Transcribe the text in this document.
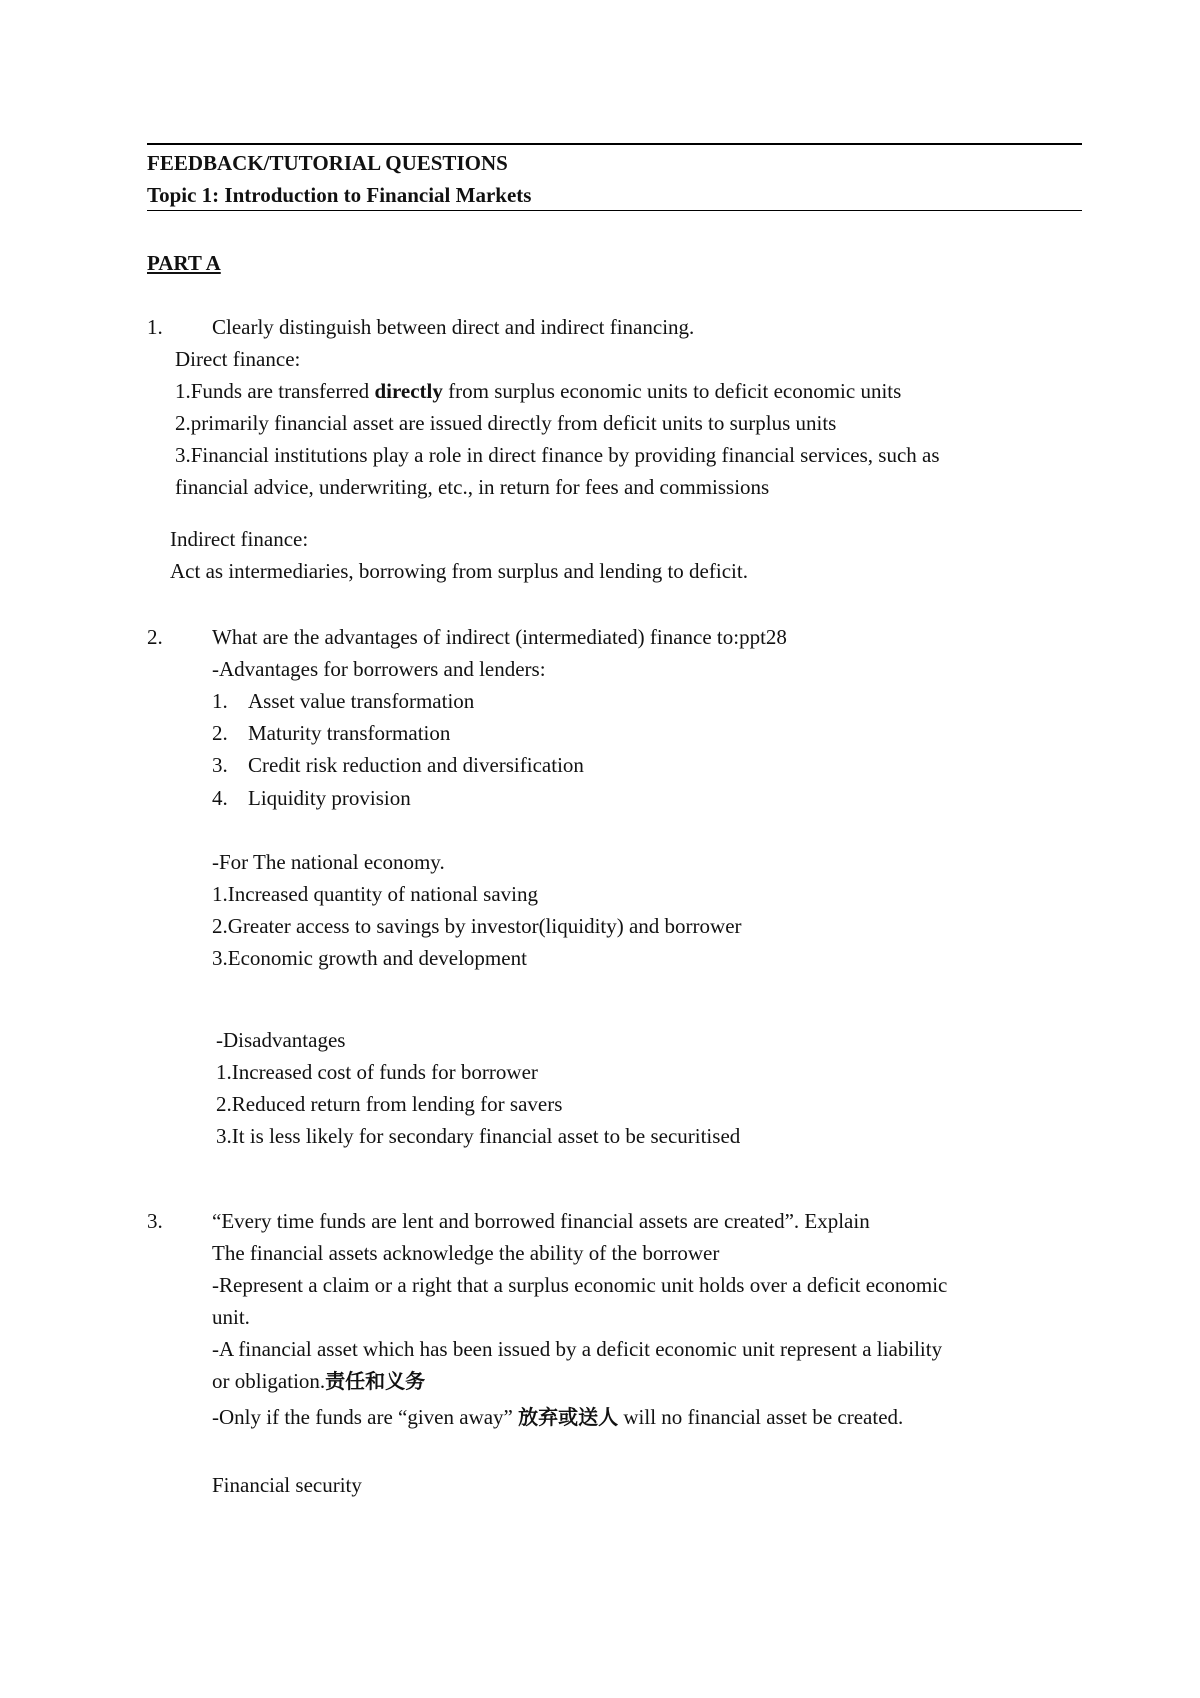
FEEDBACK/TUTORIAL QUESTIONS
Topic 1: Introduction to Financial Markets
PART A
1. Clearly distinguish between direct and indirect financing.
Direct finance:
1.Funds are transferred directly from surplus economic units to deficit economic units
2.primarily financial asset are issued directly from deficit units to surplus units
3.Financial institutions play a role in direct finance by providing financial services, such as
financial advice, underwriting, etc., in return for fees and commissions
Indirect finance:
Act as intermediaries, borrowing from surplus and lending to deficit.
2. What are the advantages of indirect (intermediated) finance to:ppt28
-Advantages for borrowers and lenders:
1. Asset value transformation
2. Maturity transformation
3. Credit risk reduction and diversification
4. Liquidity provision
-For The national economy.
1.Increased quantity of national saving
2.Greater access to savings by investor(liquidity) and borrower
3.Economic growth and development
-Disadvantages
1.Increased cost of funds for borrower
2.Reduced return from lending for savers
3.It is less likely for secondary financial asset to be securitised
3. “Every time funds are lent and borrowed financial assets are created”. Explain
The financial assets acknowledge the ability of the borrower
-Represent a claim or a right that a surplus economic unit holds over a deficit economic
unit.
-A financial asset which has been issued by a deficit economic unit represent a liability
or obligation.责任和义务
-Only if the funds are “given away” 放弃或送人 will no financial asset be created.
Financial security
